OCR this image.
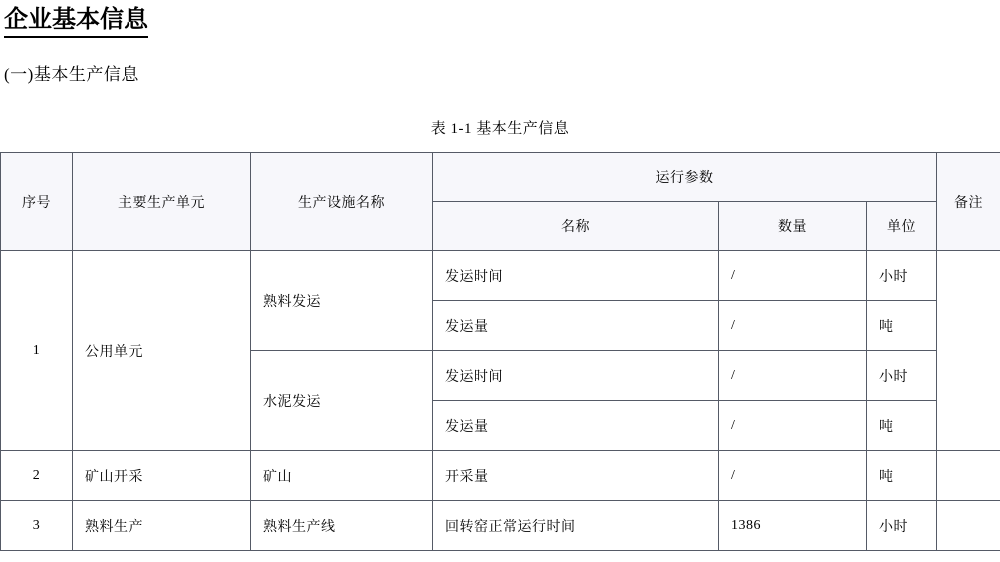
企业基本信息
(一)基本生产信息
表 1-1 基本生产信息
序号	主要生产单元	生产设施名称	运行参数			备注
			名称	数量	单位	
1	公用单元	熟料发运	发运时间	/	小时	
			发运量	/	吨	
		水泥发运	发运时间	/	小时	
			发运量	/	吨	
2	矿山开采	矿山	开采量	/	吨	
3	熟料生产	熟料生产线	回转窑正常运行时间	1386	小时	
